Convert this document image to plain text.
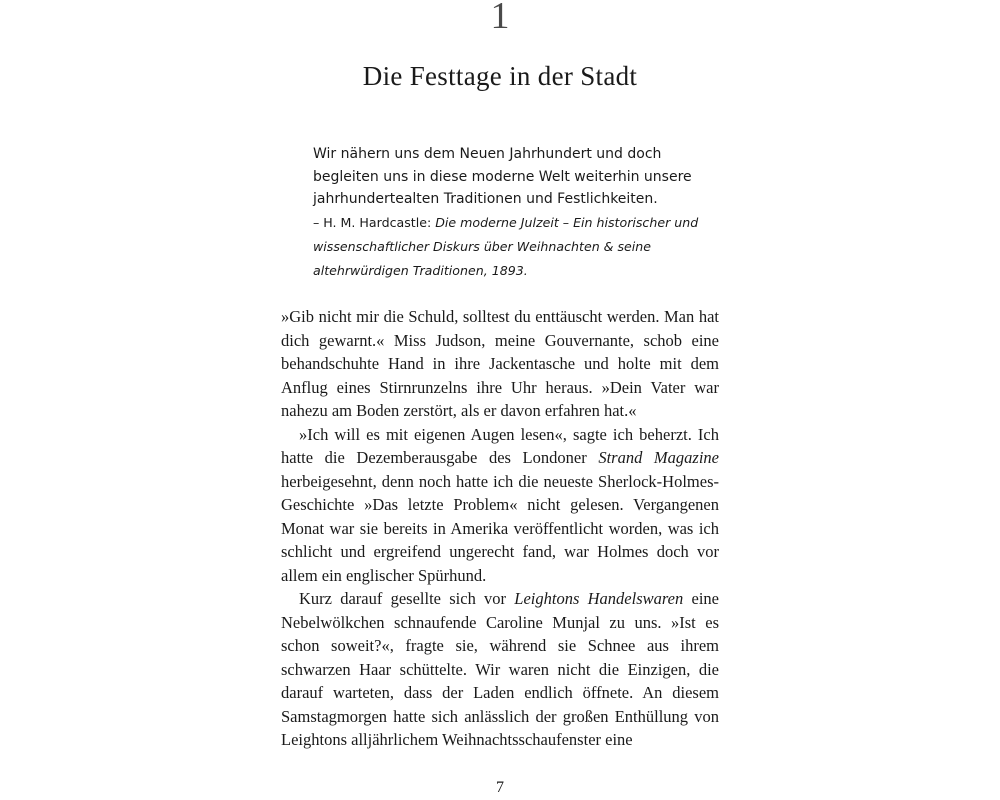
1
Die Festtage in der Stadt

Wir nähern uns dem Neuen Jahrhundert und doch begleiten uns in diese moderne Welt weiterhin unsere jahrhundertealten Traditionen und Festlichkeiten.

– H. M. Hardcastle: Die moderne Julzeit – Ein historischer und wissenschaftlicher Diskurs über Weihnachten & seine altehrwürdigen Traditionen, 1893.

»Gib nicht mir die Schuld, solltest du enttäuscht werden. Man hat dich gewarnt.« Miss Judson, meine Gouvernante, schob eine behandschuhte Hand in ihre Jackentasche und holte mit dem Anflug eines Stirnrunzelns ihre Uhr heraus. »Dein Vater war nahezu am Boden zerstört, als er davon erfahren hat.«

»Ich will es mit eigenen Augen lesen«, sagte ich beherzt. Ich hatte die Dezemberausgabe des Londoner Strand Magazine herbeigesehnt, denn noch hatte ich die neueste Sherlock-Holmes-Geschichte »Das letzte Problem« nicht gelesen. Vergangenen Monat war sie bereits in Amerika veröffentlicht worden, was ich schlicht und ergreifend ungerecht fand, war Holmes doch vor allem ein englischer Spürhund.

Kurz darauf gesellte sich vor Leightons Handelswaren eine Nebelwölkchen schnaufende Caroline Munjal zu uns. »Ist es schon soweit?«, fragte sie, während sie Schnee aus ihrem schwarzen Haar schüttelte. Wir waren nicht die Einzigen, die darauf warteten, dass der Laden endlich öffnete. An diesem Samstagmorgen hatte sich anlässlich der großen Enthüllung von Leightons alljährlichem Weihnachtsschaufenster eine

7
